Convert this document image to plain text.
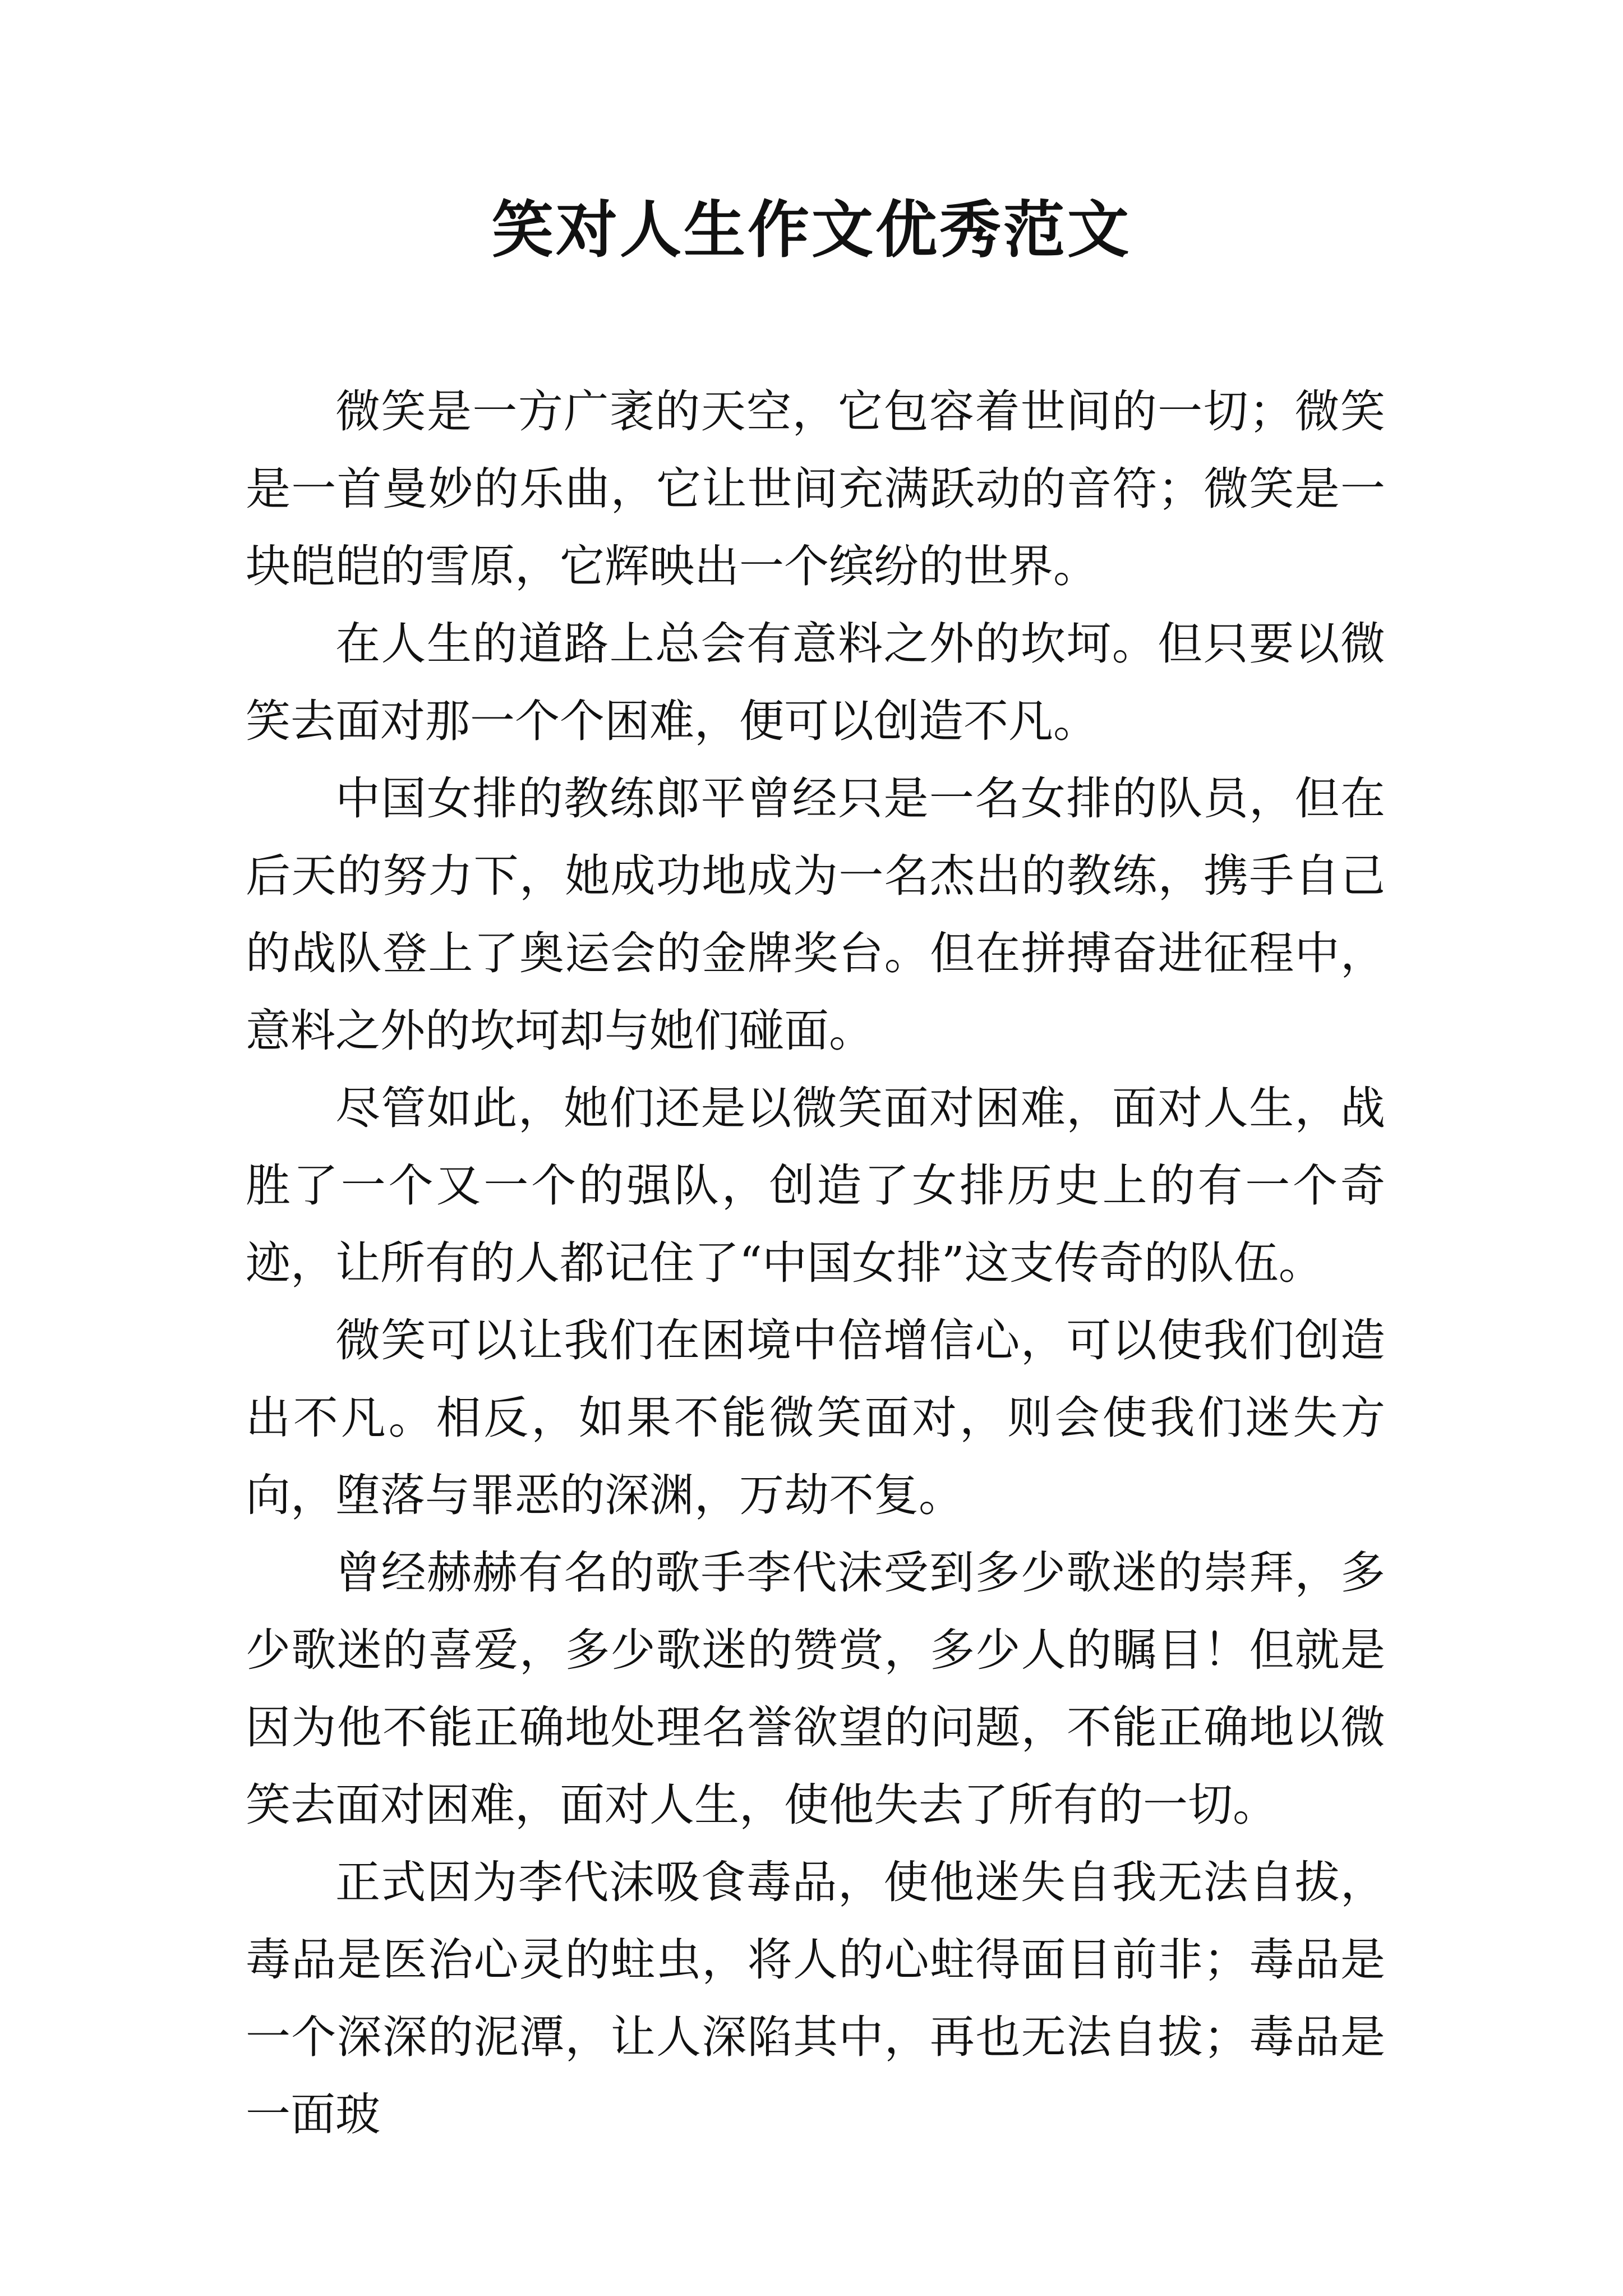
笑对人生作文优秀范文

微笑是一方广袤的天空，它包容着世间的一切；微笑是一首曼妙的乐曲，它让世间充满跃动的音符；微笑是一块皑皑的雪原，它辉映出一个缤纷的世界。

在人生的道路上总会有意料之外的坎坷。但只要以微笑去面对那一个个困难，便可以创造不凡。

中国女排的教练郎平曾经只是一名女排的队员，但在后天的努力下，她成功地成为一名杰出的教练，携手自己的战队登上了奥运会的金牌奖台。但在拼搏奋进征程中，意料之外的坎坷却与她们碰面。

尽管如此，她们还是以微笑面对困难，面对人生，战胜了一个又一个的强队，创造了女排历史上的有一个奇迹，让所有的人都记住了“中国女排”这支传奇的队伍。

微笑可以让我们在困境中倍增信心，可以使我们创造出不凡。相反，如果不能微笑面对，则会使我们迷失方向，堕落与罪恶的深渊，万劫不复。

曾经赫赫有名的歌手李代沫受到多少歌迷的崇拜，多少歌迷的喜爱，多少歌迷的赞赏，多少人的瞩目！但就是因为他不能正确地处理名誉欲望的问题，不能正确地以微笑去面对困难，面对人生，使他失去了所有的一切。

正式因为李代沫吸食毒品，使他迷失自我无法自拔，毒品是医治心灵的蛀虫，将人的心蛀得面目前非；毒品是一个深深的泥潭，让人深陷其中，再也无法自拔；毒品是一面玻
